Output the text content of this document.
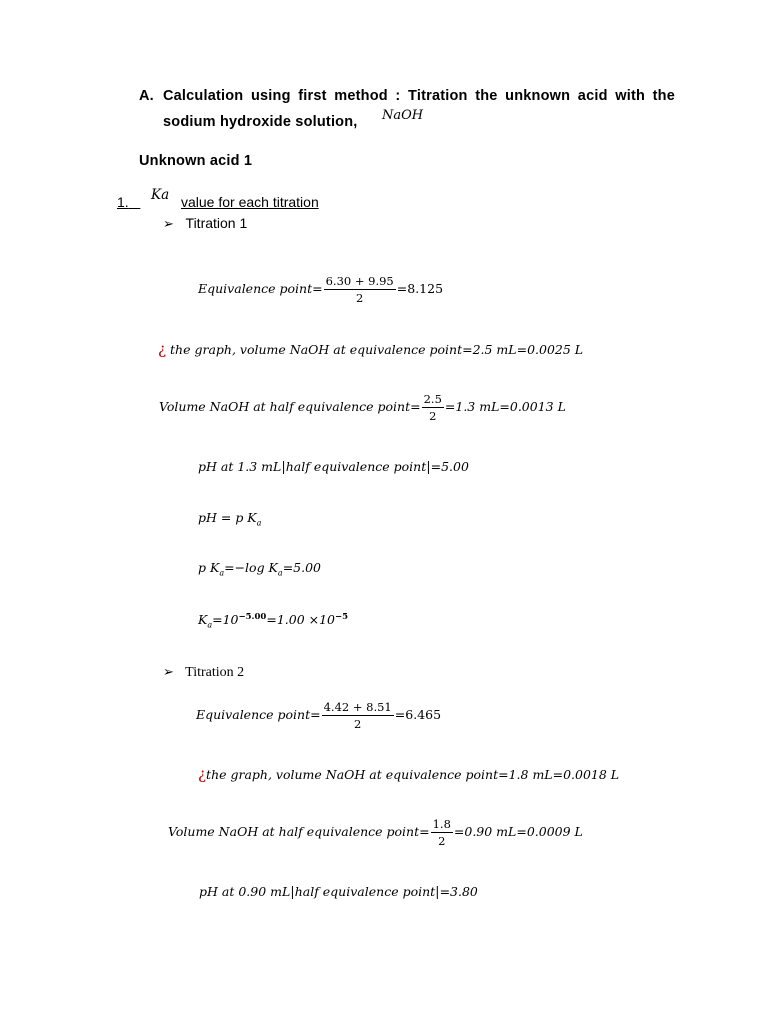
A. Calculation using first method : Titration the unknown acid with the
sodium hydroxide solution, NaOH
Unknown acid 1
1.	Ka value for each titration
➢ Titration 1
Equivalence point= $\frac{6.30 + 9.95}{2} =8.125$
¿ the graph, volume NaOH at equivalence point=2.5 mL=0.0025 L
Volume NaOH at half equivalence point= $\frac{2.5}{2} =1.3$ mL=0.0013 L
pH at 1.3 mL|half equivalence point|=5.00
pH = p $K_a$
p $K_a=-\log$ $K_a=5.00$
$K_a=10^{-5.00}=1.00 \times 10^{-5}$
➢ Titration 2
Equivalence point= $\frac{4.42 + 8.51}{2} =6.465$
¿the graph, volume NaOH at equivalence point=1.8 mL=0.0018 L
Volume NaOH at half equivalence point= $\frac{1.8}{2} =0.90$ mL=0.0009 L
pH at 0.90 mL|half equivalence point|=3.80
